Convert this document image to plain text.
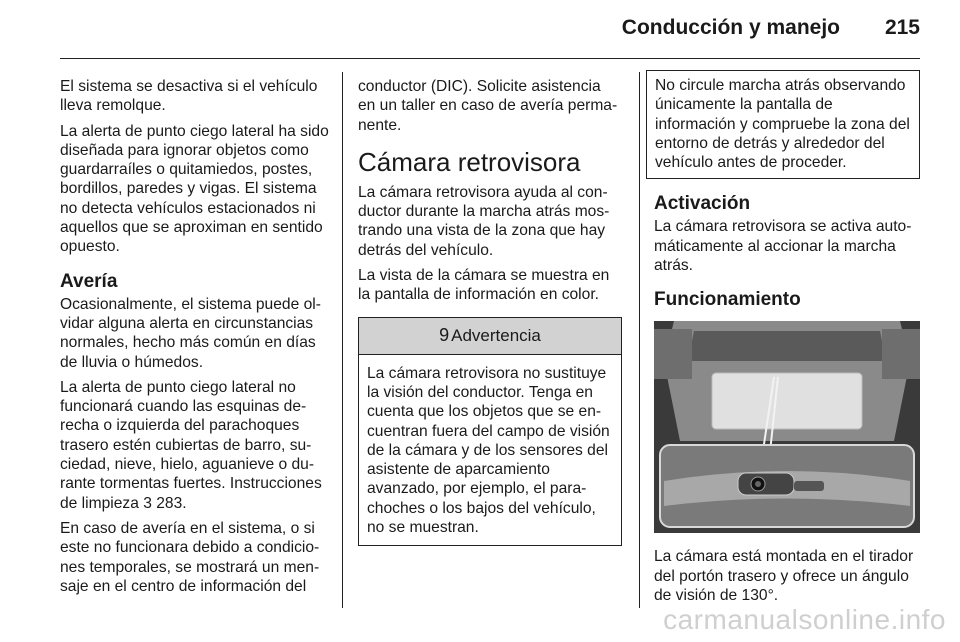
Conducción y manejo 215

El sistema se desactiva si el vehículo lleva remolque.

La alerta de punto ciego lateral ha sido diseñada para ignorar objetos como guardarraíles o quitamiedos, postes, bordillos, paredes y vigas. El sistema no detecta vehículos estacionados ni aquellos que se aproximan en sentido opuesto.

Avería

Ocasionalmente, el sistema puede olvidar alguna alerta en circunstancias normales, hecho más común en días de lluvia o húmedos.

La alerta de punto ciego lateral no funcionará cuando las esquinas derecha o izquierda del parachoques trasero estén cubiertas de barro, suciedad, nieve, hielo, aguanieve o durante tormentas fuertes. Instrucciones de limpieza 3 283.

En caso de avería en el sistema, o si este no funcionara debido a condiciones temporales, se mostrará un mensaje en el centro de información del

conductor (DIC). Solicite asistencia en un taller en caso de avería permanente.

Cámara retrovisora

La cámara retrovisora ayuda al conductor durante la marcha atrás mostrando una vista de la zona que hay detrás del vehículo.

La vista de la cámara se muestra en la pantalla de información en color.

9 Advertencia
La cámara retrovisora no sustituye la visión del conductor. Tenga en cuenta que los objetos que se encuentran fuera del campo de visión de la cámara y de los sensores del asistente de aparcamiento avanzado, por ejemplo, el parachoches o los bajos del vehículo, no se muestran.
No circule marcha atrás observando únicamente la pantalla de información y compruebe la zona del entorno de detrás y alrededor del vehículo antes de proceder.
Activación

La cámara retrovisora se activa automáticamente al accionar la marcha atrás.

Funcionamiento

La cámara está montada en el tirador del portón trasero y ofrece un ángulo de visión de 130°.

carmanualsonline.info
